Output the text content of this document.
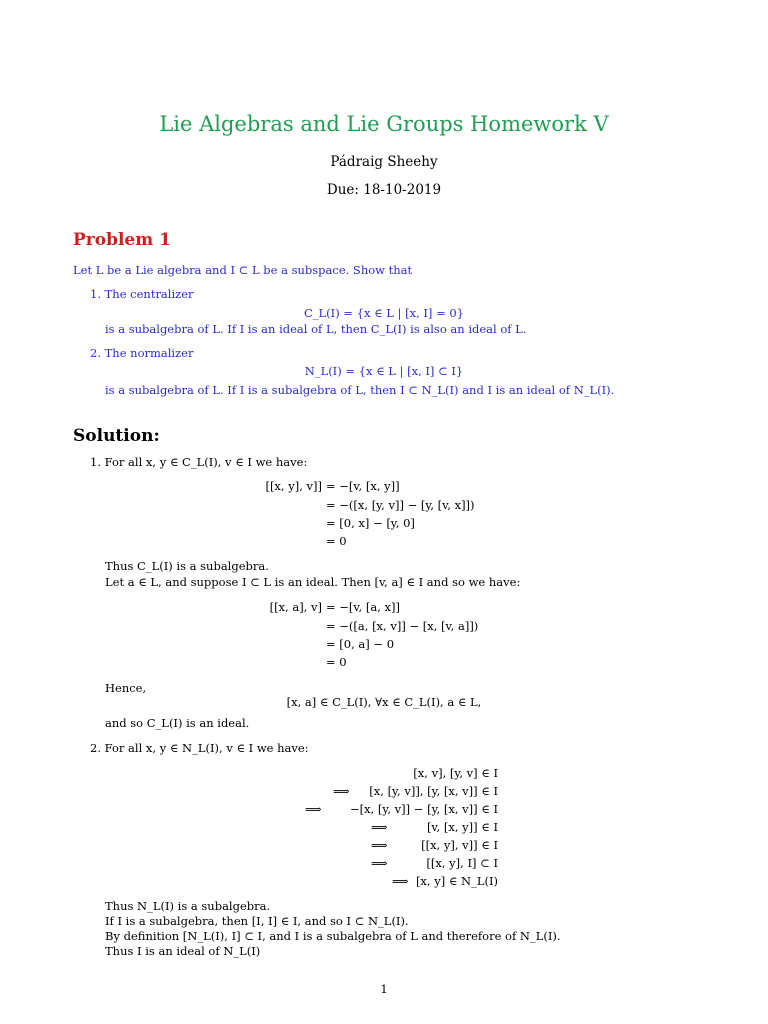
Lie Algebras and Lie Groups Homework V
Pádraig Sheehy
Due: 18-10-2019
Problem 1
Let L be a Lie algebra and I ⊂ L be a subspace. Show that
1. The centralizer
C_L(I) = {x ∈ L | [x, I] = 0}
is a subalgebra of L. If I is an ideal of L, then C_L(I) is also an ideal of L.
2. The normalizer
N_L(I) = {x ∈ L | [x, I] ⊂ I}
is a subalgebra of L. If I is a subalgebra of L, then I ⊂ N_L(I) and I is an ideal of N_L(I).
Solution:
1. For all x, y ∈ C_L(I), v ∈ I we have:
[[x, y], v]] = −[v, [x, y]]
= −([x, [y, v]] − [y, [v, x]])
= [0, x] − [y, 0]
= 0
Thus C_L(I) is a subalgebra.
Let a ∈ L, and suppose I ⊂ L is an ideal. Then [v, a] ∈ I and so we have:
[[x, a], v] = −[v, [a, x]]
= −([a, [x, v]] − [x, [v, a]])
= [0, a] − 0
= 0
Hence,
[x, a] ∈ C_L(I), ∀x ∈ C_L(I), a ∈ L,
and so C_L(I) is an ideal.
2. For all x, y ∈ N_L(I), v ∈ I we have:
[x, v], [y, v] ∈ I
⟹ [x, [y, v]], [y, [x, v]] ∈ I
⟹ −[x, [y, v]] − [y, [x, v]] ∈ I
⟹	[v, [x, y]] ∈ I
⟹	[[x, y], v]] ∈ I
⟹	[[x, y], I] ⊂ I
⟹ [x, y] ∈ N_L(I)
Thus N_L(I) is a subalgebra.
If I is a subalgebra, then [I, I] ∈ I, and so I ⊂ N_L(I).
By definition [N_L(I), I] ⊂ I, and I is a subalgebra of L and therefore of N_L(I).
Thus I is an ideal of N_L(I)
1
